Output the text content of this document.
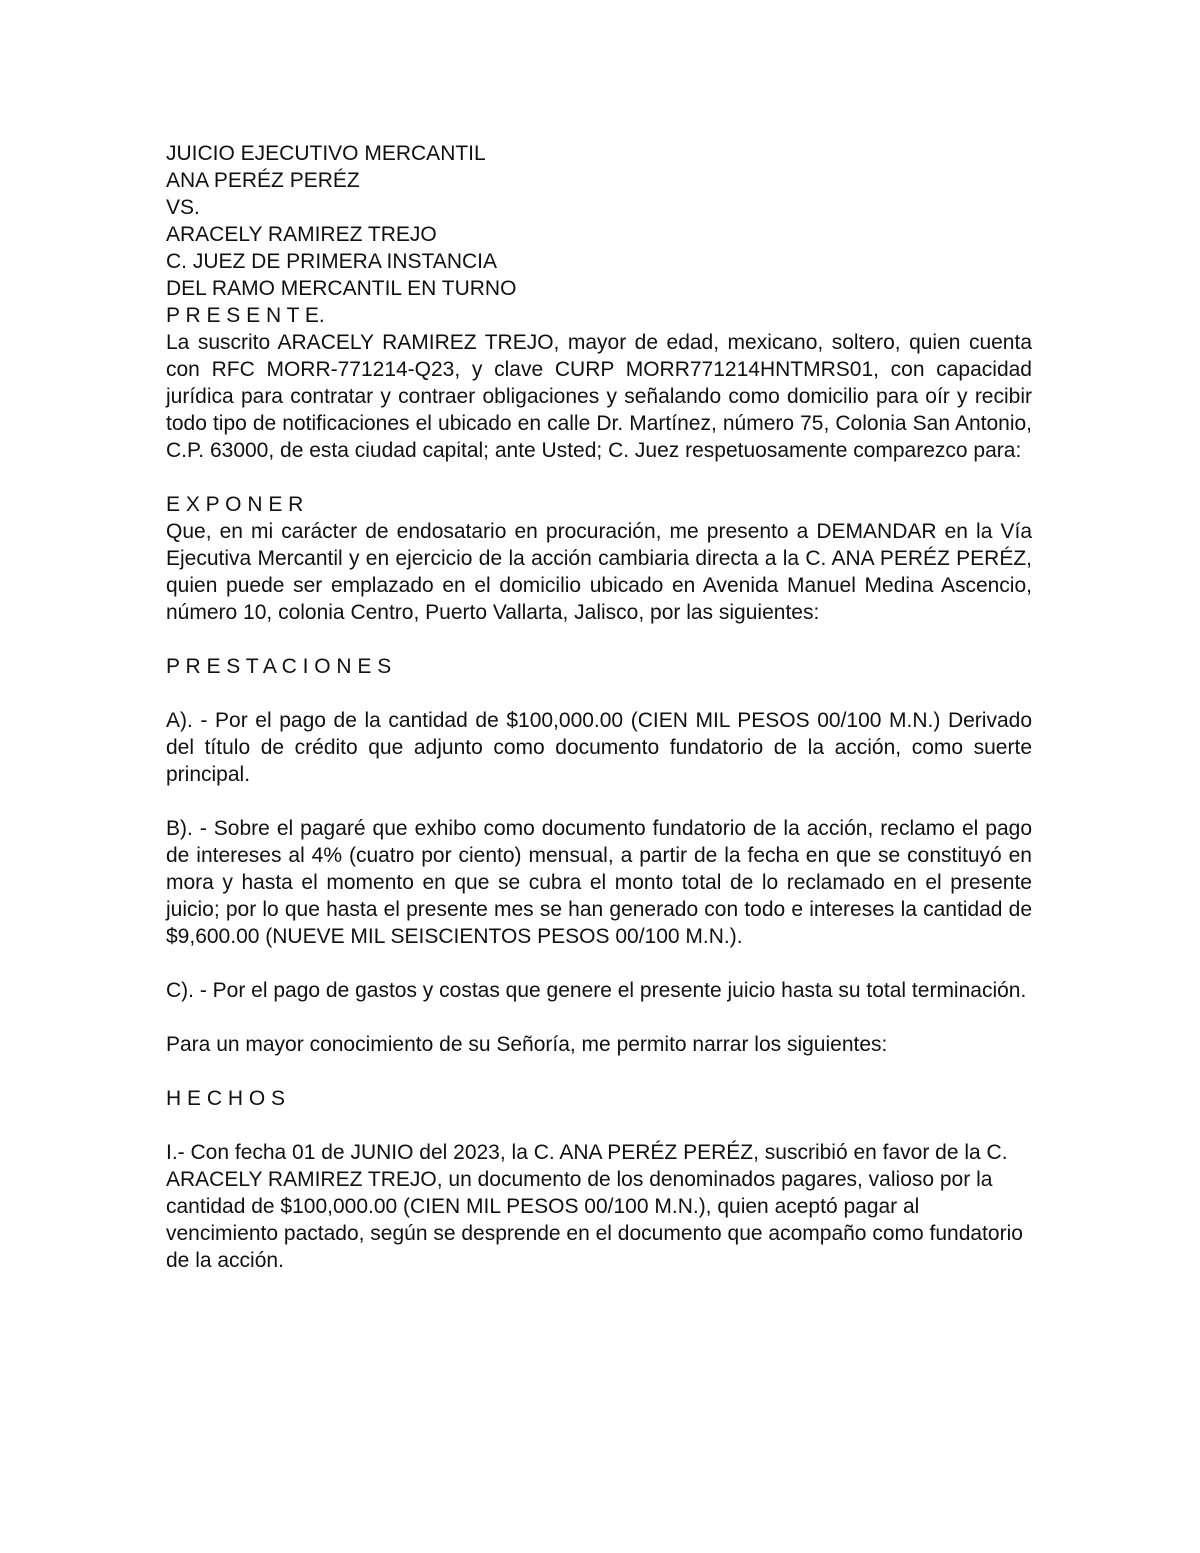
JUICIO EJECUTIVO MERCANTIL

ANA PERÉZ PERÉZ

VS.

ARACELY RAMIREZ TREJO

C. JUEZ DE PRIMERA INSTANCIA

DEL RAMO MERCANTIL EN TURNO

P R E S E N T E.

La suscrito ARACELY RAMIREZ TREJO, mayor de edad, mexicano, soltero, quien cuenta con RFC MORR-771214-Q23, y clave CURP MORR771214HNTMRS01, con capacidad jurídica para contratar y contraer obligaciones y señalando como domicilio para oír y recibir todo tipo de notificaciones el ubicado en calle Dr. Martínez, número 75, Colonia San Antonio, C.P. 63000, de esta ciudad capital; ante Usted; C. Juez respetuosamente comparezco para:

E X P O N E R

Que, en mi carácter de endosatario en procuración, me presento a DEMANDAR en la Vía Ejecutiva Mercantil y en ejercicio de la acción cambiaria directa a la C. ANA PERÉZ PERÉZ, quien puede ser emplazado en el domicilio ubicado en Avenida Manuel Medina Ascencio, número 10, colonia Centro, Puerto Vallarta, Jalisco, por las siguientes:

P R E S T A C I O N E S

A). - Por el pago de la cantidad de $100,000.00 (CIEN MIL PESOS 00/100 M.N.) Derivado del título de crédito que adjunto como documento fundatorio de la acción, como suerte principal.

B). - Sobre el pagaré que exhibo como documento fundatorio de la acción, reclamo el pago de intereses al 4% (cuatro por ciento) mensual, a partir de la fecha en que se constituyó en mora y hasta el momento en que se cubra el monto total de lo reclamado en el presente juicio; por lo que hasta el presente mes se han generado con todo e intereses la cantidad de $9,600.00 (NUEVE MIL SEISCIENTOS PESOS 00/100 M.N.).

C). - Por el pago de gastos y costas que genere el presente juicio hasta su total terminación.

Para un mayor conocimiento de su Señoría, me permito narrar los siguientes:

H E C H O S

I.- Con fecha 01 de JUNIO del 2023, la C. ANA PERÉZ PERÉZ, suscribió en favor de la C. ARACELY RAMIREZ TREJO, un documento de los denominados pagares, valioso por la cantidad de $100,000.00 (CIEN MIL PESOS 00/100 M.N.), quien aceptó pagar al vencimiento pactado, según se desprende en el documento que acompaño como fundatorio de la acción.
